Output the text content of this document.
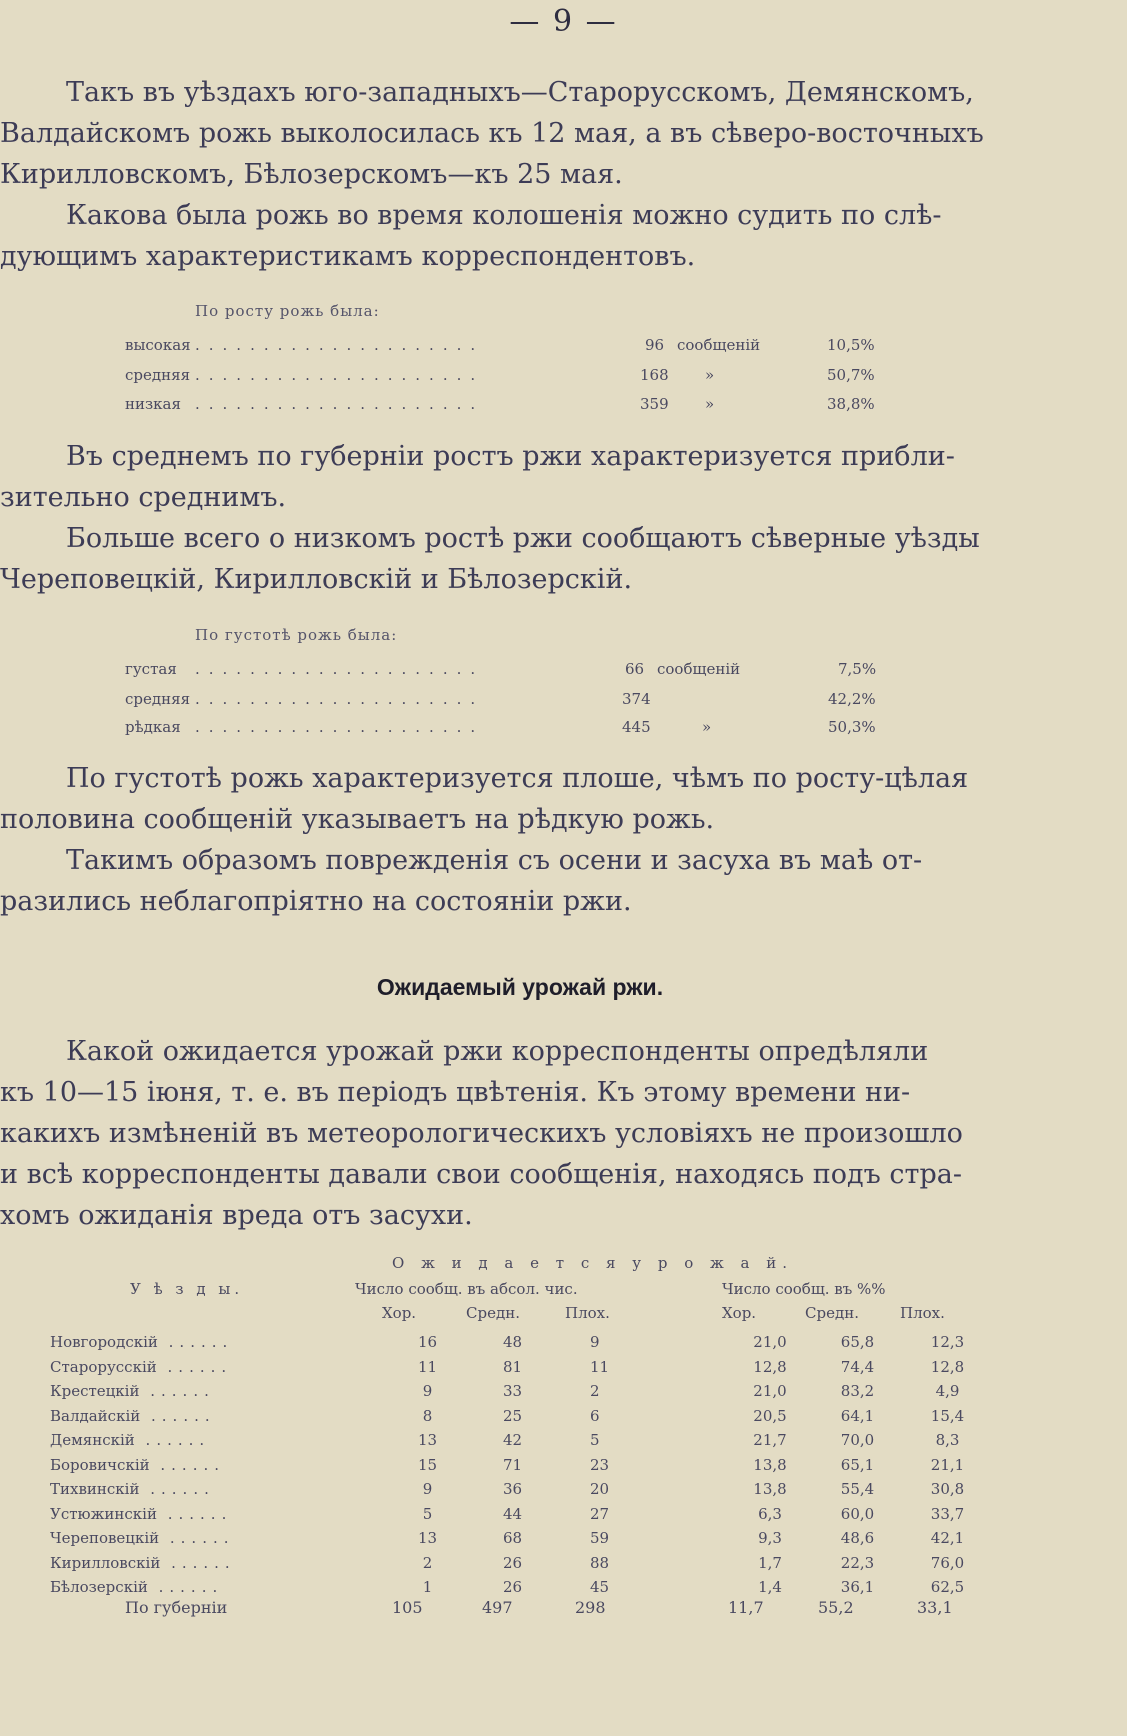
— 9 —
Такъ въ уѣздахъ юго-западныхъ—Старорусскомъ, Демянскомъ,
Валдайскомъ рожь выколосилась къ 12 мая, а въ сѣверо-восточныхъ
Кирилловскомъ, Бѣлозерскомъ—къ 25 мая.
Какова была рожь во время колошенія можно судить по слѣ-
дующимъ характеристикамъ корреспондентовъ.
По росту рожь была:
высокая	96 сообщеній	10,5%
.....................
средняя	168 »	50,7%
.....................
низкая	359 »	38,8%
.....................
Въ среднемъ по губерніи ростъ ржи характеризуется прибли-
зительно среднимъ.
Больше всего о низкомъ ростѣ ржи сообщаютъ сѣверные уѣзды
Череповецкій, Кирилловскій и Бѣлозерскій.
По густотѣ рожь была:
густая	66 сообщеній	7,5%
.....................
средняя	374	42,2%
.....................
рѣдкая	445	»	50,3%
.....................
По густотѣ рожь характеризуется плоше, чѣмъ по росту-цѣлая
половина сообщеній указываетъ на рѣдкую рожь.
Такимъ образомъ поврежденія съ осени и засуха въ маѣ от-
разились неблагопріятно на состояніи ржи.
Ожидаемый урожай ржи.
Какой ожидается урожай ржи корреспонденты опредѣляли
къ 10—15 іюня, т. е. въ періодъ цвѣтенія. Къ этому времени ни-
какихъ измѣненій въ метеорологическихъ условіяхъ не произошло
и всѣ корреспонденты давали свои сообщенія, находясь подъ стра-
хомъ ожиданія вреда отъ засухи.
О ж и д а е т с я у р о ж а й.
У ѣ з д ы.	Число сообщ. въ абсол. чис.	Число сообщ. въ %%
Хор.	Средн.	Плох.	Хор.	Средн.	Плох.
Новгородскій ......	16	48	9	21,0	65,8	12,3
Старорусскій ......	11	81	11	12,8	74,4	12,8
Крестецкій ......	9	33	2	21,0	83,2	4,9
Валдайскій ......	8	25	6	20,5	64,1	15,4
Демянскій ......	13	42	5	21,7	70,0	8,3
Боровичскій ......	15	71	23	13,8	65,1	21,1
Тихвинскій ......	9	36	20	13,8	55,4	30,8
Устюжинскій ......	5	44	27	6,3	60,0	33,7
Череповецкій ......	13	68	59	9,3	48,6	42,1
Кирилловскій ......	2	26	88	1,7	22,3	76,0
Бѣлозерскій ......	1	26	45	1,4	36,1	62,5
По губерніи	105	497	298	11,7	55,2	33,1
